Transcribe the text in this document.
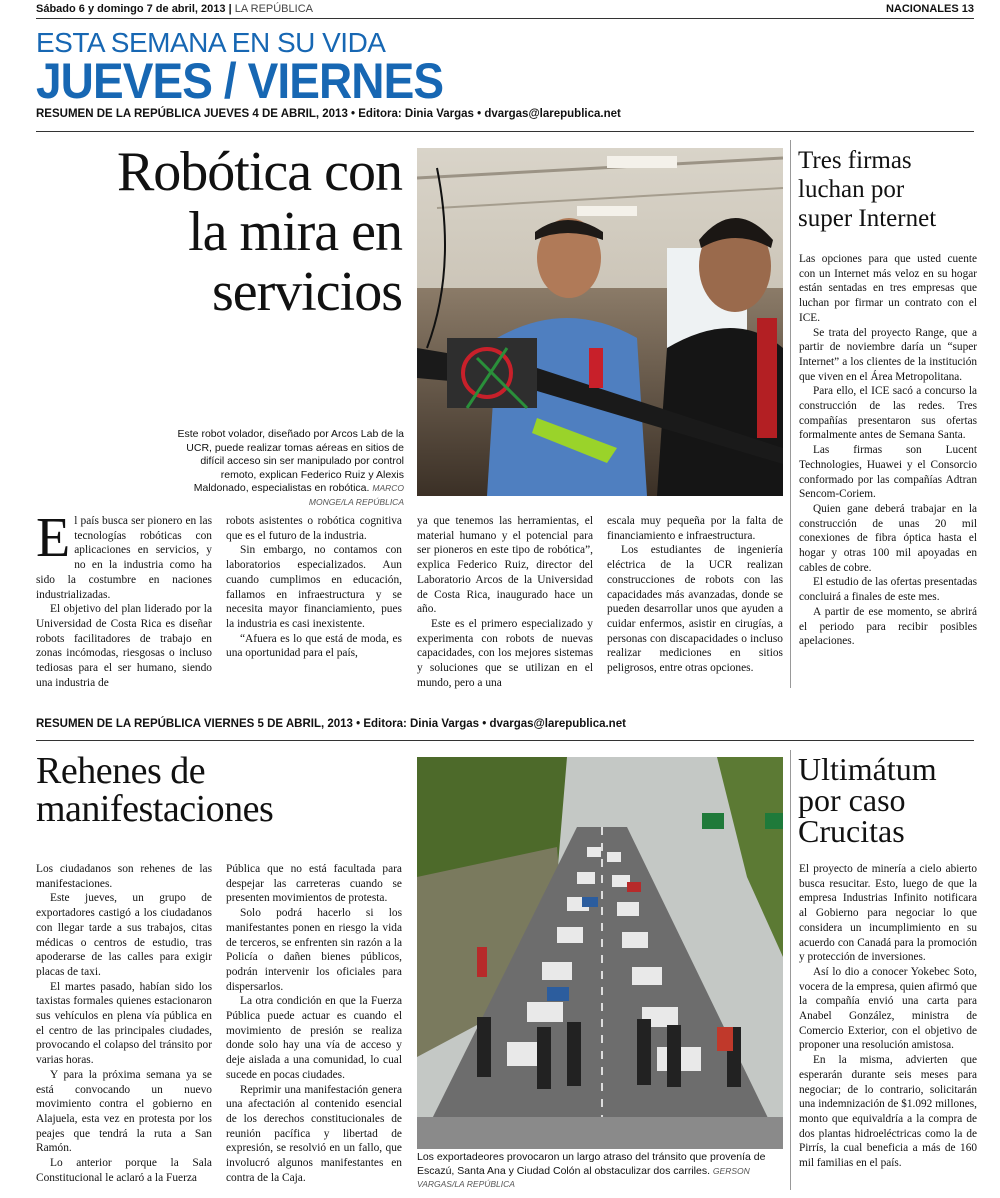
Sábado 6 y domingo 7 de abril, 2013 | LA REPÚBLICA	NACIONALES 13
ESTA SEMANA EN SU VIDA
JUEVES / VIERNES
RESUMEN DE LA REPÚBLICA JUEVES 4 DE ABRIL, 2013 • Editora: Dinia Vargas • dvargas@larepublica.net
Robótica con
la mira en
servicios
Este robot volador, diseñado por Arcos Lab de la UCR, puede realizar tomas aéreas en sitios de difícil acceso sin ser manipulado por control remoto, explican Federico Ruiz y Alexis Maldonado, especialistas en robótica. MARCO MONGE/LA REPÚBLICA

El país busca ser pionero en las tecnologías robóticas con aplicaciones en servicios, y no en la industria como ha sido la costumbre en naciones industrializadas.

El objetivo del plan liderado por la Universidad de Costa Rica es diseñar robots facilitadores de trabajo en zonas incómodas, riesgosas o incluso tediosas para el ser humano, siendo una industria de

robots asistentes o robótica cognitiva que es el futuro de la industria.

Sin embargo, no contamos con laboratorios especializados. Aun cuando cumplimos en educación, fallamos en infraestructura y se necesita mayor financiamiento, pues la industria es casi inexistente.

“Afuera es lo que está de moda, es una oportunidad para el país,

ya que tenemos las herramientas, el material humano y el potencial para ser pioneros en este tipo de robótica”, explica Federico Ruiz, director del Laboratorio Arcos de la Universidad de Costa Rica, inaugurado hace un año.

Este es el primero especializado y experimenta con robots de nuevas capacidades, con los mejores sistemas y soluciones que se utilizan en el mundo, pero a una

escala muy pequeña por la falta de financiamiento e infraestructura.

Los estudiantes de ingeniería eléctrica de la UCR realizan construcciones de robots con las capacidades más avanzadas, donde se pueden desarrollar unos que ayuden a cuidar enfermos, asistir en cirugías, a personas con discapacidades o incluso realizar mediciones en sitios peligrosos, entre otras opciones.

Tres firmas
luchan por
super Internet

Las opciones para que usted cuente con un Internet más veloz en su hogar están sentadas en tres empresas que luchan por firmar un contrato con el ICE.

Se trata del proyecto Range, que a partir de noviembre daría un “super Internet” a los clientes de la institución que viven en el Área Metropolitana.

Para ello, el ICE sacó a concurso la construcción de las redes. Tres compañías presentaron sus ofertas formalmente antes de Semana Santa.

Las firmas son Lucent Technologies, Huawei y el Consorcio conformado por las compañías Adtran Sencom-Coriem.

Quien gane deberá trabajar en la construcción de unas 20 mil conexiones de fibra óptica hasta el hogar y otras 100 mil apoyadas en cables de cobre.

El estudio de las ofertas presentadas concluirá a finales de este mes.

A partir de ese momento, se abrirá el periodo para recibir posibles apelaciones.

RESUMEN DE LA REPÚBLICA VIERNES 5 DE ABRIL, 2013 • Editora: Dinia Vargas • dvargas@larepublica.net
Rehenes de
manifestaciones

Los ciudadanos son rehenes de las manifestaciones.

Este jueves, un grupo de exportadores castigó a los ciudadanos con llegar tarde a sus trabajos, citas médicas o centros de estudio, tras apoderarse de las calles para exigir placas de taxi.

El martes pasado, habían sido los taxistas formales quienes estacionaron sus vehículos en plena vía pública en el centro de las principales ciudades, provocando el colapso del tránsito por varias horas.

Y para la próxima semana ya se está convocando un nuevo movimiento contra el gobierno en Alajuela, esta vez en protesta por los peajes que tendrá la ruta a San Ramón.

Lo anterior porque la Sala Constitucional le aclaró a la Fuerza

Pública que no está facultada para despejar las carreteras cuando se presenten movimientos de protesta.

Solo podrá hacerlo si los manifestantes ponen en riesgo la vida de terceros, se enfrenten sin razón a la Policía o dañen bienes públicos, podrán intervenir los oficiales para dispersarlos.

La otra condición en que la Fuerza Pública puede actuar es cuando el movimiento de presión se realiza donde solo hay una vía de acceso y deje aislada a una comunidad, lo cual sucede en pocas ciudades.

Reprimir una manifestación genera una afectación al contenido esencial de los derechos constitucionales de reunión pacífica y libertad de expresión, se resolvió en un fallo, que involucró algunos manifestantes en contra de la Caja.

Los exportadeores provocaron un largo atraso del tránsito que provenía de Escazú, Santa Ana y Ciudad Colón al obstaculizar dos carriles. GERSON VARGAS/LA REPÚBLICA
Ultimátum
por caso
Crucitas

El proyecto de minería a cielo abierto busca resucitar. Esto, luego de que la empresa Industrias Infinito notificara al Gobierno para negociar lo que considera un incumplimiento en su acuerdo con Canadá para la promoción y protección de inversiones.

Así lo dio a conocer Yokebec Soto, vocera de la empresa, quien afirmó que la compañía envió una carta para Anabel González, ministra de Comercio Exterior, con el objetivo de proponer una resolución amistosa.

En la misma, advierten que esperarán durante seis meses para negociar; de lo contrario, solicitarán una indemnización de $1.092 millones, monto que equivaldría a la compra de dos plantas hidroeléctricas como la de Pirrís, la cual beneficia a más de 160 mil familias en el país.
